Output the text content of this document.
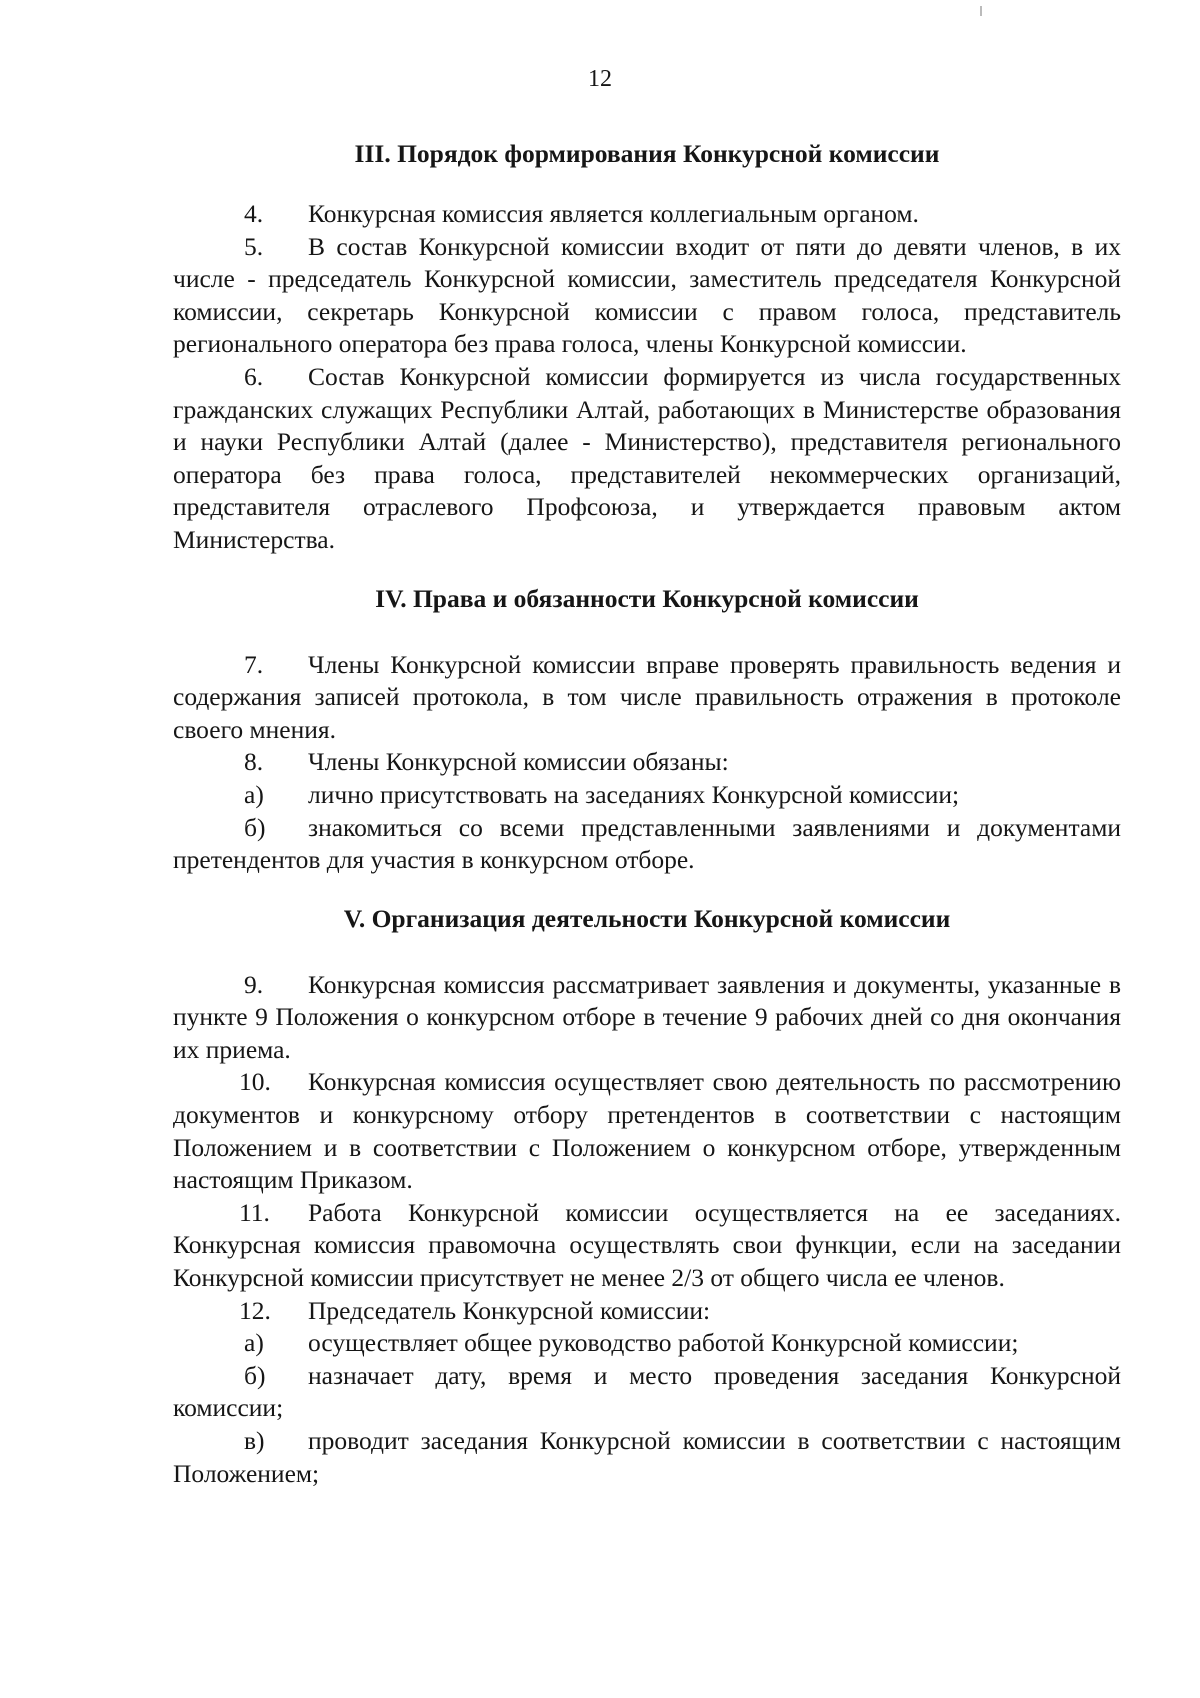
12
III. Порядок формирования Конкурсной комиссии

4. Конкурсная комиссия является коллегиальным органом.

5. В состав Конкурсной комиссии входит от пяти до девяти членов, в их числе - председатель Конкурсной комиссии, заместитель председателя Конкурсной комиссии, секретарь Конкурсной комиссии с правом голоса, представитель регионального оператора без права голоса, члены Конкурсной комиссии.

6. Состав Конкурсной комиссии формируется из числа государственных гражданских служащих Республики Алтай, работающих в Министерстве образования и науки Республики Алтай (далее - Министерство), представителя регионального оператора без права голоса, представителей некоммерческих организаций, представителя отраслевого Профсоюза, и утверждается правовым актом Министерства.

IV. Права и обязанности Конкурсной комиссии

7. Члены Конкурсной комиссии вправе проверять правильность ведения и содержания записей протокола, в том числе правильность отражения в протоколе своего мнения.

8. Члены Конкурсной комиссии обязаны:

а) лично присутствовать на заседаниях Конкурсной комиссии;

б) знакомиться со всеми представленными заявлениями и документами претендентов для участия в конкурсном отборе.

V. Организация деятельности Конкурсной комиссии

9. Конкурсная комиссия рассматривает заявления и документы, указанные в пункте 9 Положения о конкурсном отборе в течение 9 рабочих дней со дня окончания их приема.

10. Конкурсная комиссия осуществляет свою деятельность по рассмотрению документов и конкурсному отбору претендентов в соответствии с настоящим Положением и в соответствии с Положением о конкурсном отборе, утвержденным настоящим Приказом.

11. Работа Конкурсной комиссии осуществляется на ее заседаниях. Конкурсная комиссия правомочна осуществлять свои функции, если на заседании Конкурсной комиссии присутствует не менее 2/3 от общего числа ее членов.

12. Председатель Конкурсной комиссии:

а) осуществляет общее руководство работой Конкурсной комиссии;

б) назначает дату, время и место проведения заседания Конкурсной комиссии;

в) проводит заседания Конкурсной комиссии в соответствии с настоящим Положением;
